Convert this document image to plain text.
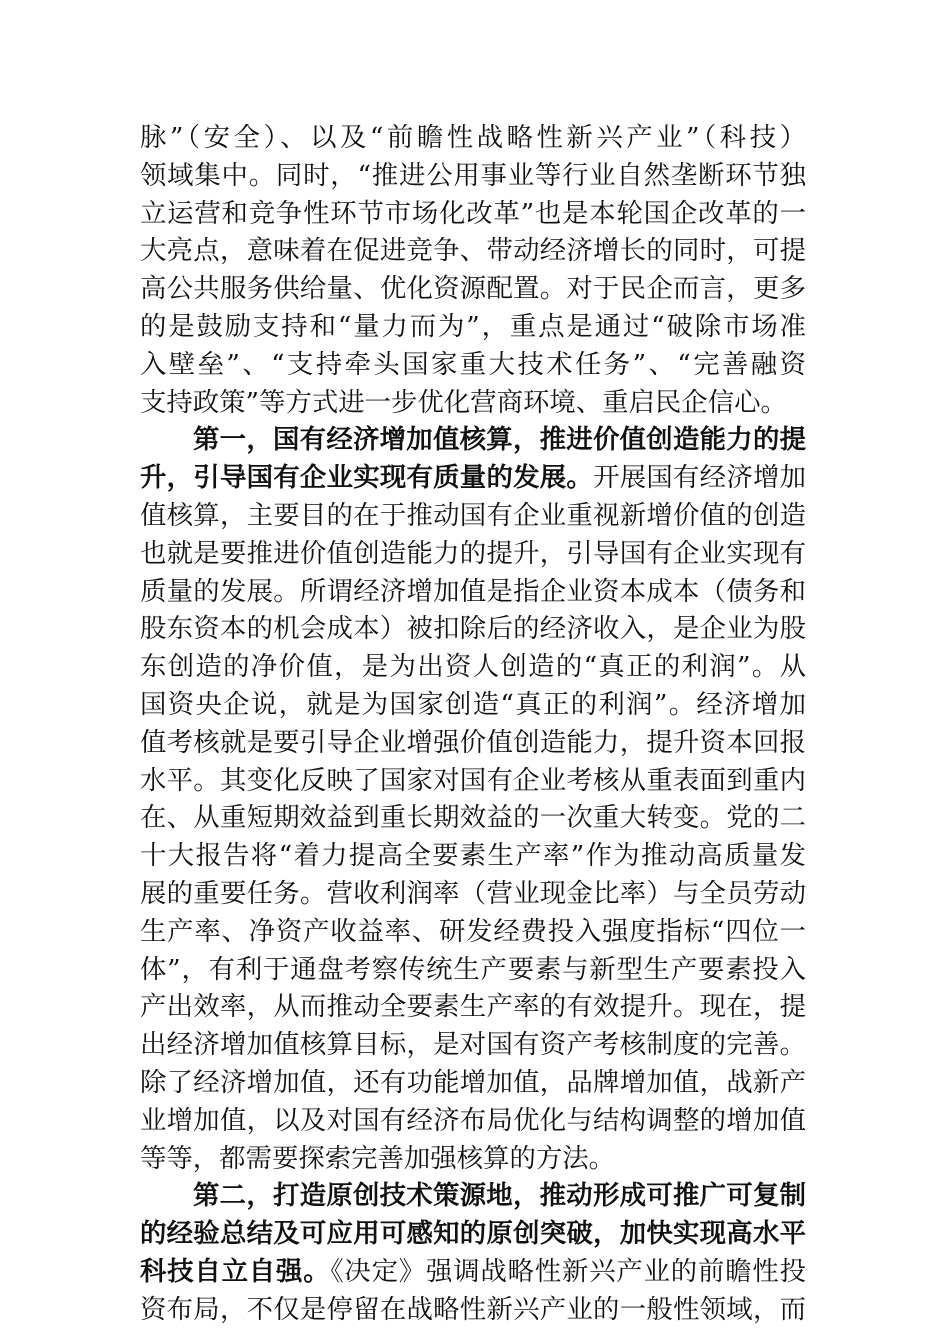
脉”（安全）、以及“前瞻性战略性新兴产业”（科技）
领域集中。同时，“推进公用事业等行业自然垄断环节独
立运营和竞争性环节市场化改革”也是本轮国企改革的一
大亮点，意味着在促进竞争、带动经济增长的同时，可提
高公共服务供给量、优化资源配置。对于民企而言，更多
的是鼓励支持和“量力而为”，重点是通过“破除市场准
入壁垒”、“支持牵头国家重大技术任务”、“完善融资
支持政策”等方式进一步优化营商环境、重启民企信心。
第一，国有经济增加值核算，推进价值创造能力的提
升，引导国有企业实现有质量的发展。开展国有经济增加
值核算，主要目的在于推动国有企业重视新增价值的创造
也就是要推进价值创造能力的提升，引导国有企业实现有
质量的发展。所谓经济增加值是指企业资本成本（债务和
股东资本的机会成本）被扣除后的经济收入，是企业为股
东创造的净价值，是为出资人创造的“真正的利润”。从
国资央企说，就是为国家创造“真正的利润”。经济增加
值考核就是要引导企业增强价值创造能力，提升资本回报
水平。其变化反映了国家对国有企业考核从重表面到重内
在、从重短期效益到重长期效益的一次重大转变。党的二
十大报告将“着力提高全要素生产率”作为推动高质量发
展的重要任务。营收利润率（营业现金比率）与全员劳动
生产率、净资产收益率、研发经费投入强度指标“四位一
体”，有利于通盘考察传统生产要素与新型生产要素投入
产出效率，从而推动全要素生产率的有效提升。现在，提
出经济增加值核算目标，是对国有资产考核制度的完善。
除了经济增加值，还有功能增加值，品牌增加值，战新产
业增加值，以及对国有经济布局优化与结构调整的增加值
等等，都需要探索完善加强核算的方法。
第二，打造原创技术策源地，推动形成可推广可复制
的经验总结及可应用可感知的原创突破，加快实现高水平
科技自立自强。《决定》强调战略性新兴产业的前瞻性投
资布局，不仅是停留在战略性新兴产业的一般性领域，而
